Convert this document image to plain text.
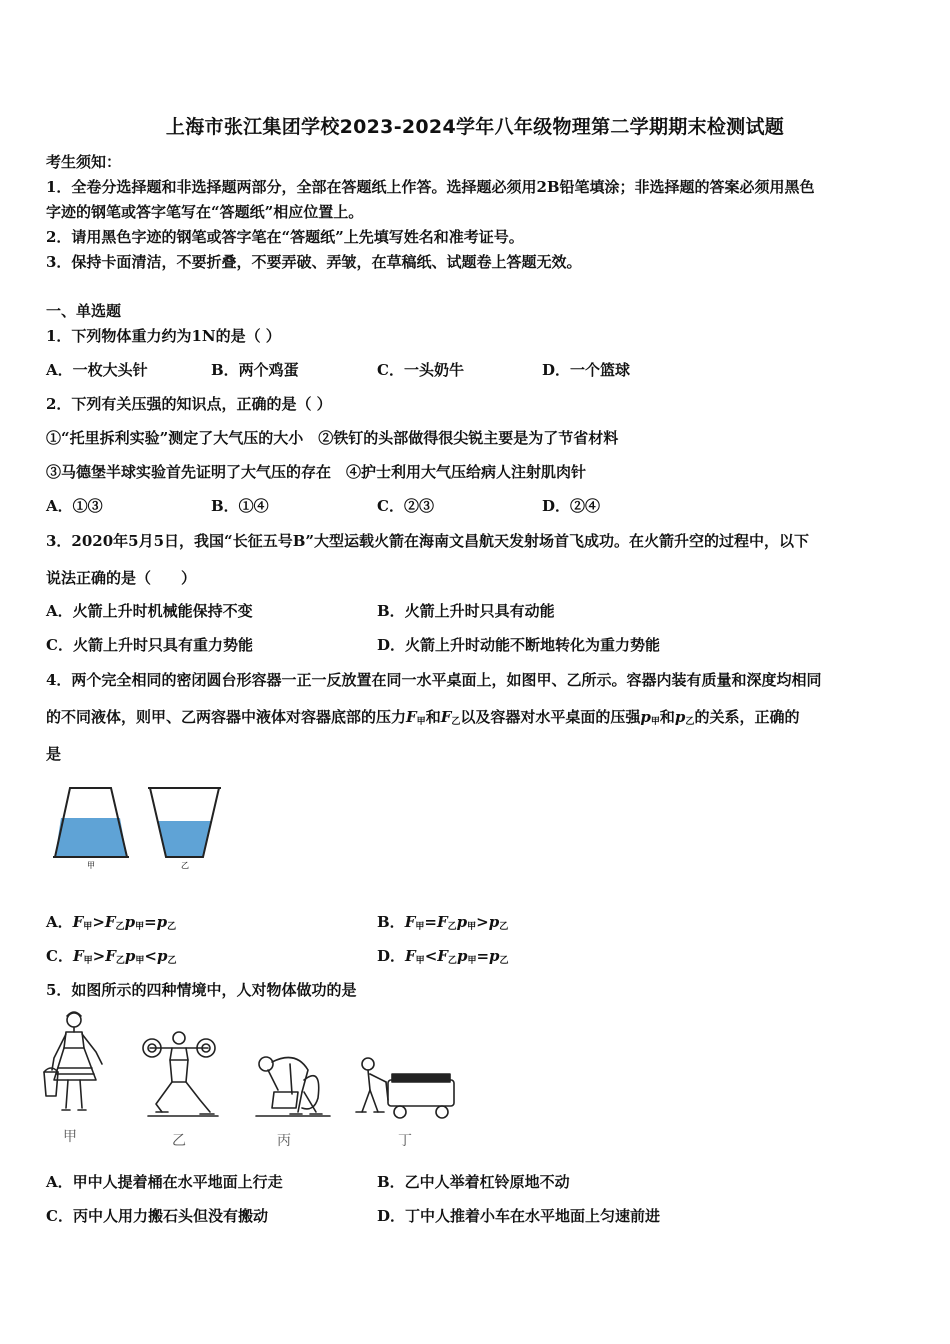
上海市张江集团学校2023-2024学年八年级物理第二学期期末检测试题
考生须知：
1．全卷分选择题和非选择题两部分，全部在答题纸上作答。选择题必须用2B铅笔填涂；非选择题的答案必须用黑色
字迹的钢笔或答字笔写在“答题纸”相应位置上。
2．请用黑色字迹的钢笔或答字笔在“答题纸”上先填写姓名和准考证号。
3．保持卡面清洁，不要折叠，不要弄破、弄皱，在草稿纸、试题卷上答题无效。
一、单选题
1．下列物体重力约为1N的是（ ）
A．一枚大头针	B．两个鸡蛋	C．一头奶牛	D．一个篮球
2．下列有关压强的知识点，正确的是（ ）
①“托里拆利实验”测定了大气压的大小　②铁钉的头部做得很尖锐主要是为了节省材料
③马德堡半球实验首先证明了大气压的存在　④护士利用大气压给病人注射肌肉针
A．①③	B．①④	C．②③	D．②④
3．2020年5月5日，我国“长征五号B”大型运载火箭在海南文昌航天发射场首飞成功。在火箭升空的过程中，以下
说法正确的是（　　）
A．火箭上升时机械能保持不变	B．火箭上升时只具有动能
C．火箭上升时只具有重力势能	D．火箭上升时动能不断地转化为重力势能
4．两个完全相同的密闭圆台形容器一正一反放置在同一水平桌面上，如图甲、乙所示。容器内装有质量和深度均相同
的不同液体，则甲、乙两容器中液体对容器底部的压力$F_甲$和$F_乙$以及容器对水平桌面的压强$p_甲$和$p_乙$的关系，正确的
是
甲	乙
A．$F_甲>F_乙p_甲=p_乙$	B．$F_甲=F_乙p_甲>p_乙$
C．$F_甲>F_乙p_甲<p_乙$	D．$F_甲<F_乙p_甲=p_乙$
5．如图所示的四种情境中，人对物体做功的是
甲	乙	丙	丁
A．甲中人提着桶在水平地面上行走	B．乙中人举着杠铃原地不动
C．丙中人用力搬石头但没有搬动	D．丁中人推着小车在水平地面上匀速前进
